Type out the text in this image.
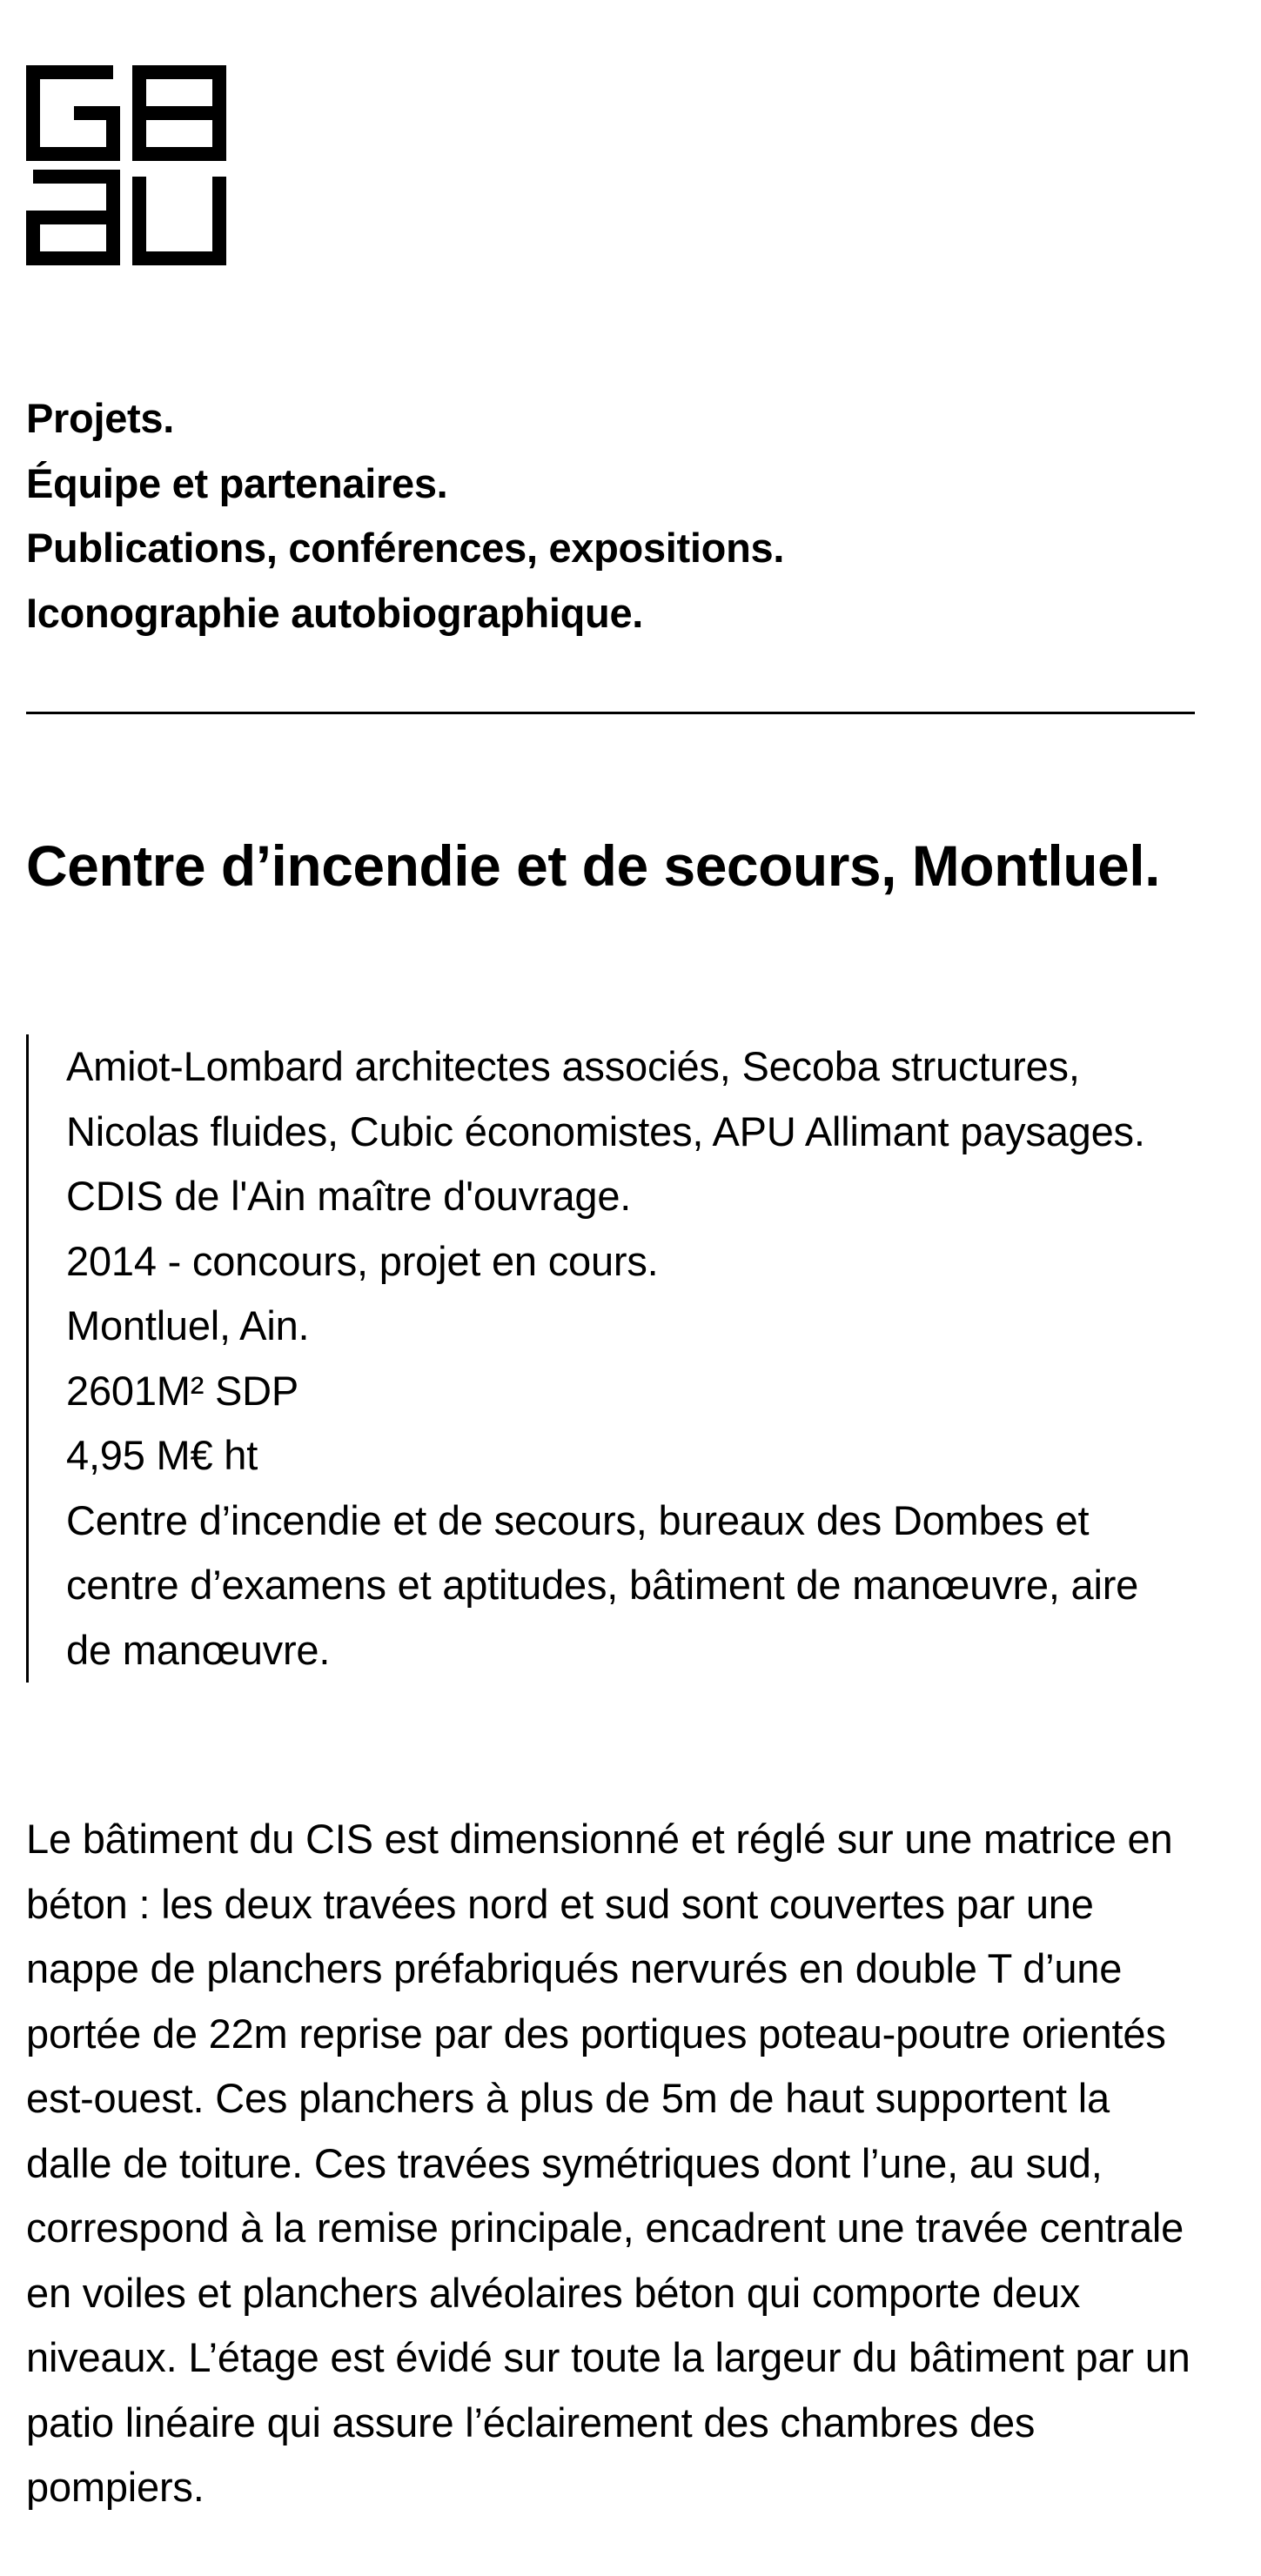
Projets.
Équipe et partenaires.
Publications, conférences, expositions.
Iconographie autobiographique.
Centre d’incendie et de secours, Montluel.

Amiot-Lombard architectes associés, Secoba structures, Nicolas fluides, Cubic économistes, APU Allimant paysages.

CDIS de l'Ain maître d'ouvrage.

2014 - concours, projet en cours.

Montluel, Ain.

2601M² SDP

4,95 M€ ht

Centre d’incendie et de secours, bureaux des Dombes et centre d’examens et aptitudes, bâtiment de manœuvre, aire de manœuvre.

Le bâtiment du CIS est dimensionné et réglé sur une matrice en béton : les deux travées nord et sud sont couvertes par une nappe de planchers préfabriqués nervurés en double T d’une portée de 22m reprise par des portiques poteau-poutre orientés est-ouest. Ces planchers à plus de 5m de haut supportent la dalle de toiture. Ces travées symétriques dont l’une, au sud, correspond à la remise principale, encadrent une travée centrale en voiles et planchers alvéolaires béton qui comporte deux niveaux. L’étage est évidé sur toute la largeur du bâtiment par un patio linéaire qui assure l’éclairement des chambres des pompiers.
